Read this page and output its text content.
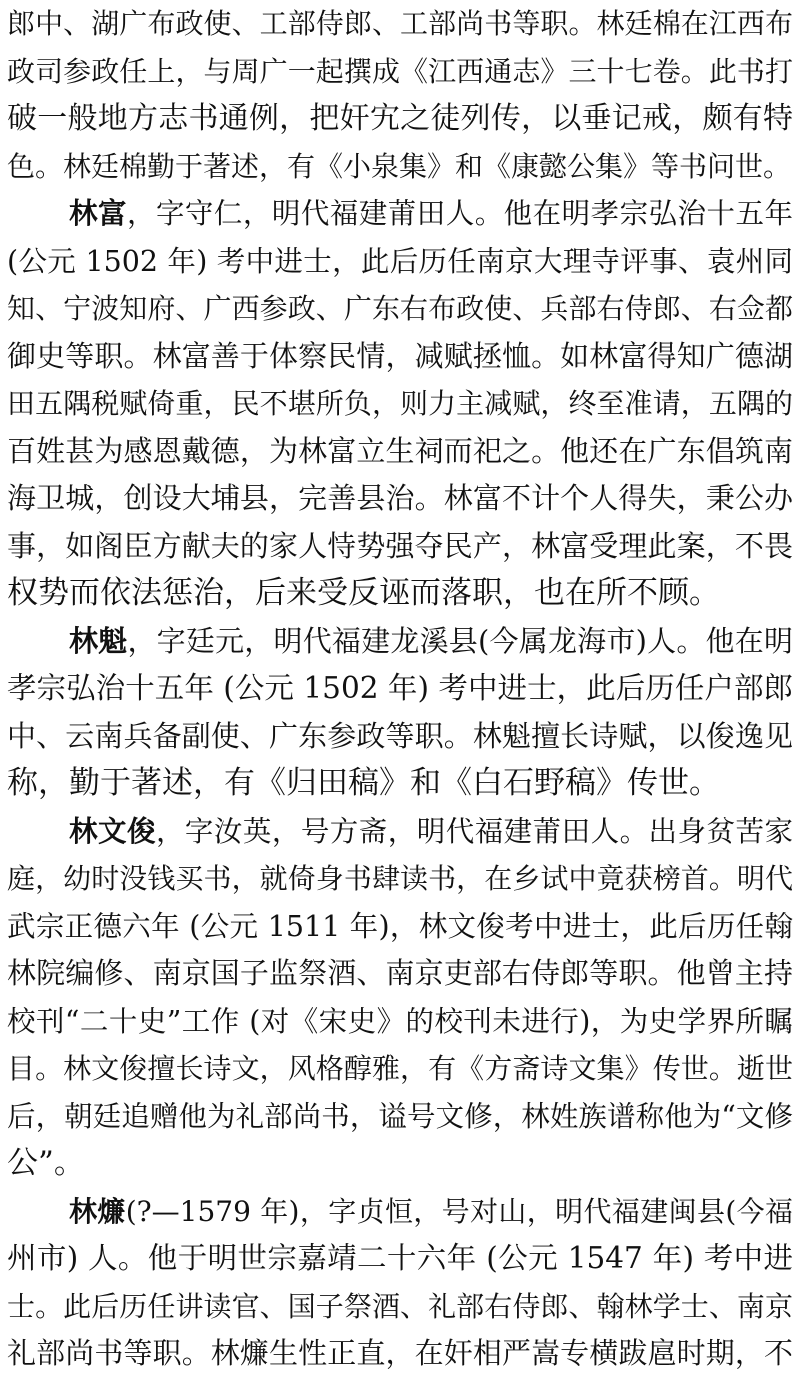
郎中、湖广布政使、工部侍郎、工部尚书等职。林廷棉在江西布
政司参政任上，与周广一起撰成《江西通志》三十七卷。此书打
破一般地方志书通例，把奸宄之徒列传，以垂记戒，颇有特
色。林廷棉勤于著述，有《小泉集》和《康懿公集》等书问世。
林富，字守仁，明代福建莆田人。他在明孝宗弘治十五年
(公元 1502 年) 考中进士，此后历任南京大理寺评事、袁州同
知、宁波知府、广西参政、广东右布政使、兵部右侍郎、右佥都
御史等职。林富善于体察民情，减赋拯恤。如林富得知广德湖
田五隅税赋倚重，民不堪所负，则力主减赋，终至准请，五隅的
百姓甚为感恩戴德，为林富立生祠而祀之。他还在广东倡筑南
海卫城，创设大埔县，完善县治。林富不计个人得失，秉公办
事，如阁臣方献夫的家人恃势强夺民产，林富受理此案，不畏
权势而依法惩治，后来受反诬而落职，也在所不顾。
林魁，字廷元，明代福建龙溪县(今属龙海市)人。他在明
孝宗弘治十五年 (公元 1502 年) 考中进士，此后历任户部郎
中、云南兵备副使、广东参政等职。林魁擅长诗赋，以俊逸见
称，勤于著述，有《归田稿》和《白石野稿》传世。
林文俊，字汝英，号方斋，明代福建莆田人。出身贫苦家
庭，幼时没钱买书，就倚身书肆读书，在乡试中竟获榜首。明代
武宗正德六年 (公元 1511 年)，林文俊考中进士，此后历任翰
林院编修、南京国子监祭酒、南京吏部右侍郎等职。他曾主持
校刊“二十史”工作 (对《宋史》的校刊未进行)，为史学界所瞩
目。林文俊擅长诗文，风格醇雅，有《方斋诗文集》传世。逝世
后，朝廷追赠他为礼部尚书，谥号文修，林姓族谱称他为“文修
公”。
林燫(?—1579 年)，字贞恒，号对山，明代福建闽县(今福
州市) 人。他于明世宗嘉靖二十六年 (公元 1547 年) 考中进
士。此后历任讲读官、国子祭酒、礼部右侍郎、翰林学士、南京
礼部尚书等职。林燫生性正直，在奸相严嵩专横跋扈时期，不
